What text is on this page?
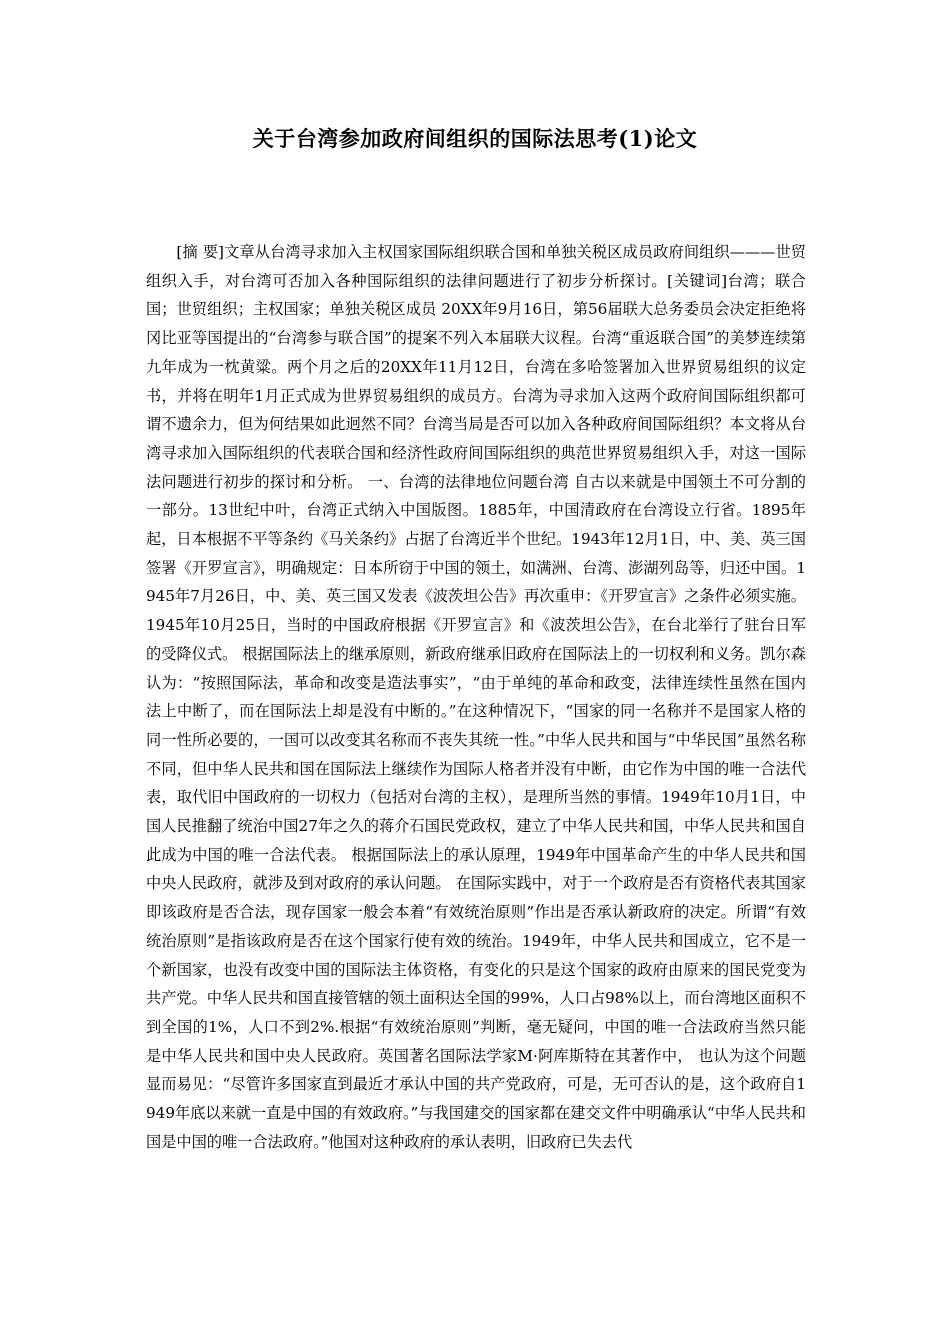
关于台湾参加政府间组织的国际法思考(1)论文
[摘 要]文章从台湾寻求加入主权国家国际组织联合国和单独关税区成员政府间组织———世贸组织入手，对台湾可否加入各种国际组织的法律问题进行了初步分析探讨。[关键词]台湾；联合国；世贸组织；主权国家；单独关税区成员 20XX年9月16日，第56届联大总务委员会决定拒绝将冈比亚等国提出的“台湾参与联合国”的提案不列入本届联大议程。台湾“重返联合国”的美梦连续第九年成为一枕黄粱。两个月之后的20XX年11月12日，台湾在多哈签署加入世界贸易组织的议定书，并将在明年1月正式成为世界贸易组织的成员方。台湾为寻求加入这两个政府间国际组织都可谓不遗余力，但为何结果如此迥然不同？台湾当局是否可以加入各种政府间国际组织？本文将从台湾寻求加入国际组织的代表联合国和经济性政府间国际组织的典范世界贸易组织入手，对这一国际法问题进行初步的探讨和分析。 一、台湾的法律地位问题台湾 自古以来就是中国领土不可分割的一部分。13世纪中叶，台湾正式纳入中国版图。1885年，中国清政府在台湾设立行省。1895年起，日本根据不平等条约《马关条约》占据了台湾近半个世纪。1943年12月1日，中、美、英三国签署《开罗宣言》，明确规定：日本所窃于中国的领土，如满洲、台湾、澎湖列岛等，归还中国。1945年7月26日，中、美、英三国又发表《波茨坦公告》再次重申：《开罗宣言》之条件必须实施。1945年10月25日，当时的中国政府根据《开罗宣言》和《波茨坦公告》，在台北举行了驻台日军的受降仪式。 根据国际法上的继承原则，新政府继承旧政府在国际法上的一切权利和义务。凯尔森认为：“按照国际法，革命和改变是造法事实”，“由于单纯的革命和政变，法律连续性虽然在国内法上中断了，而在国际法上却是没有中断的。”在这种情况下，“国家的同一名称并不是国家人格的同一性所必要的，一国可以改变其名称而不丧失其统一性。”中华人民共和国与“中华民国”虽然名称不同，但中华人民共和国在国际法上继续作为国际人格者并没有中断，由它作为中国的唯一合法代表，取代旧中国政府的一切权力（包括对台湾的主权），是理所当然的事情。1949年10月1日，中国人民推翻了统治中国27年之久的蒋介石国民党政权，建立了中华人民共和国，中华人民共和国自此成为中国的唯一合法代表。 根据国际法上的承认原理，1949年中国革命产生的中华人民共和国中央人民政府，就涉及到对政府的承认问题。 在国际实践中，对于一个政府是否有资格代表其国家即该政府是否合法，现存国家一般会本着“有效统治原则”作出是否承认新政府的决定。所谓“有效统治原则”是指该政府是否在这个国家行使有效的统治。1949年，中华人民共和国成立，它不是一个新国家，也没有改变中国的国际法主体资格，有变化的只是这个国家的政府由原来的国民党变为共产党。中华人民共和国直接管辖的领土面积达全国的99%，人口占98%以上，而台湾地区面积不到全国的1%，人口不到2%.根据“有效统治原则”判断，毫无疑问，中国的唯一合法政府当然只能是中华人民共和国中央人民政府。英国著名国际法学家M·阿库斯特在其著作中， 也认为这个问题显而易见：“尽管许多国家直到最近才承认中国的共产党政府，可是，无可否认的是，这个政府自1949年底以来就一直是中国的有效政府。”与我国建交的国家都在建交文件中明确承认“中华人民共和国是中国的唯一合法政府。”他国对这种政府的承认表明，旧政府已失去代
